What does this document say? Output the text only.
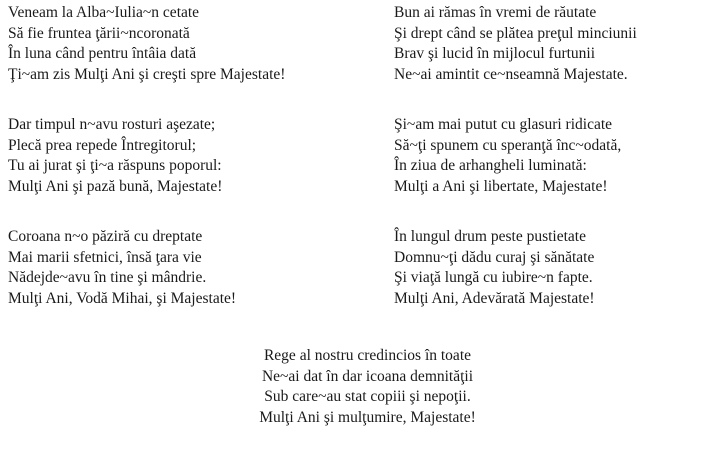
Veneam la Alba~Iulia~n cetate
Să fie fruntea ţării~ncoronată
În luna când pentru întâia dată
Ţi~am zis Mulţi Ani şi creşti spre Majestate!
Dar timpul n~avu rosturi aşezate;
Plecă prea repede Întregitorul;
Tu ai jurat şi ţi~a răspuns poporul:
Mulţi Ani şi pază bună, Majestate!
Coroana n~o păziră cu dreptate
Mai marii sfetnici, însă ţara vie
Nădejde~avu în tine şi mândrie.
Mulţi Ani, Vodă Mihai, şi Majestate!
Bun ai rămas în vremi de răutate
Şi drept când se plătea preţul minciunii
Brav şi lucid în mijlocul furtunii
Ne~ai amintit ce~nseamnă Majestate.
Şi~am mai putut cu glasuri ridicate
Să~ţi spunem cu speranţă înc~odată,
În ziua de arhangheli luminată:
Mulţi a Ani şi libertate, Majestate!
În lungul drum peste pustietate
Domnu~ţi dădu curaj şi sănătate
Şi viaţă lungă cu iubire~n fapte.
Mulţi Ani, Adevărată Majestate!
Rege al nostru credincios în toate
Ne~ai dat în dar icoana demnităţii
Sub care~au stat copiii şi nepoţii.
Mulţi Ani şi mulţumire, Majestate!
